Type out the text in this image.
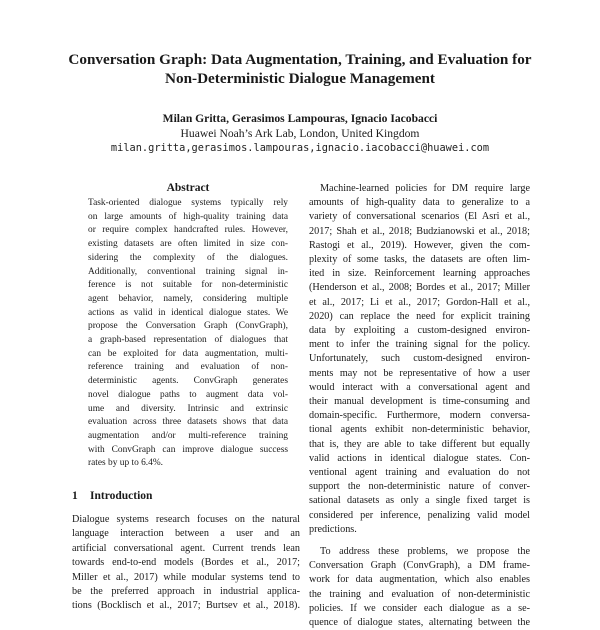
Conversation Graph: Data Augmentation, Training, and Evaluation for
Non-Deterministic Dialogue Management

Milan Gritta, Gerasimos Lampouras, Ignacio Iacobacci

Huawei Noah’s Ark Lab, London, United Kingdom

milan.gritta,gerasimos.lampouras,ignacio.iacobacci@huawei.com

Abstract

Task-oriented dialogue systems typically rely
on large amounts of high-quality training data
or require complex handcrafted rules. However,
existing datasets are often limited in size con-
sidering the complexity of the dialogues.
Additionally, conventional training signal in-
ference is not suitable for non-deterministic
agent behavior, namely, considering multiple
actions as valid in identical dialogue states. We
propose the Conversation Graph (ConvGraph),
a graph-based representation of dialogues that
can be exploited for data augmentation, multi-
reference training and evaluation of non-
deterministic agents. ConvGraph generates
novel dialogue paths to augment data vol-
ume and diversity. Intrinsic and extrinsic
evaluation across three datasets shows that data
augmentation and/or multi-reference training
with ConvGraph can improve dialogue success
rates by up to 6.4%.

1 Introduction

Dialogue systems research focuses on the natural
language interaction between a user and an
artificial conversational agent. Current trends lean
towards end-to-end models (Bordes et al., 2017;
Miller et al., 2017) while modular systems tend to
be the preferred approach in industrial applica-
tions (Bocklisch et al., 2017; Burtsev et al., 2018).
Machine-learned policies for DM require large
amounts of high-quality data to generalize to a
variety of conversational scenarios (El Asri et al.,
2017; Shah et al., 2018; Budzianowski et al., 2018;
Rastogi et al., 2019). However, given the com-
plexity of some tasks, the datasets are often lim-
ited in size. Reinforcement learning approaches
(Henderson et al., 2008; Bordes et al., 2017; Miller
et al., 2017; Li et al., 2017; Gordon-Hall et al.,
2020) can replace the need for explicit training
data by exploiting a custom-designed environ-
ment to infer the training signal for the policy.
Unfortunately, such custom-designed environ-
ments may not be representative of how a user
would interact with a conversational agent and
their manual development is time-consuming and
domain-specific. Furthermore, modern conversa-
tional agents exhibit non-deterministic behavior,
that is, they are able to take different but equally
valid actions in identical dialogue states. Con-
ventional agent training and evaluation do not
support the non-deterministic nature of conver-
sational datasets as only a single fixed target is
considered per inference, penalizing valid model
predictions.
To address these problems, we propose the
Conversation Graph (ConvGraph), a DM frame-
work for data augmentation, which also enables
the training and evaluation of non-deterministic
policies. If we consider each dialogue as a se-
quence of dialogue states, alternating between the
